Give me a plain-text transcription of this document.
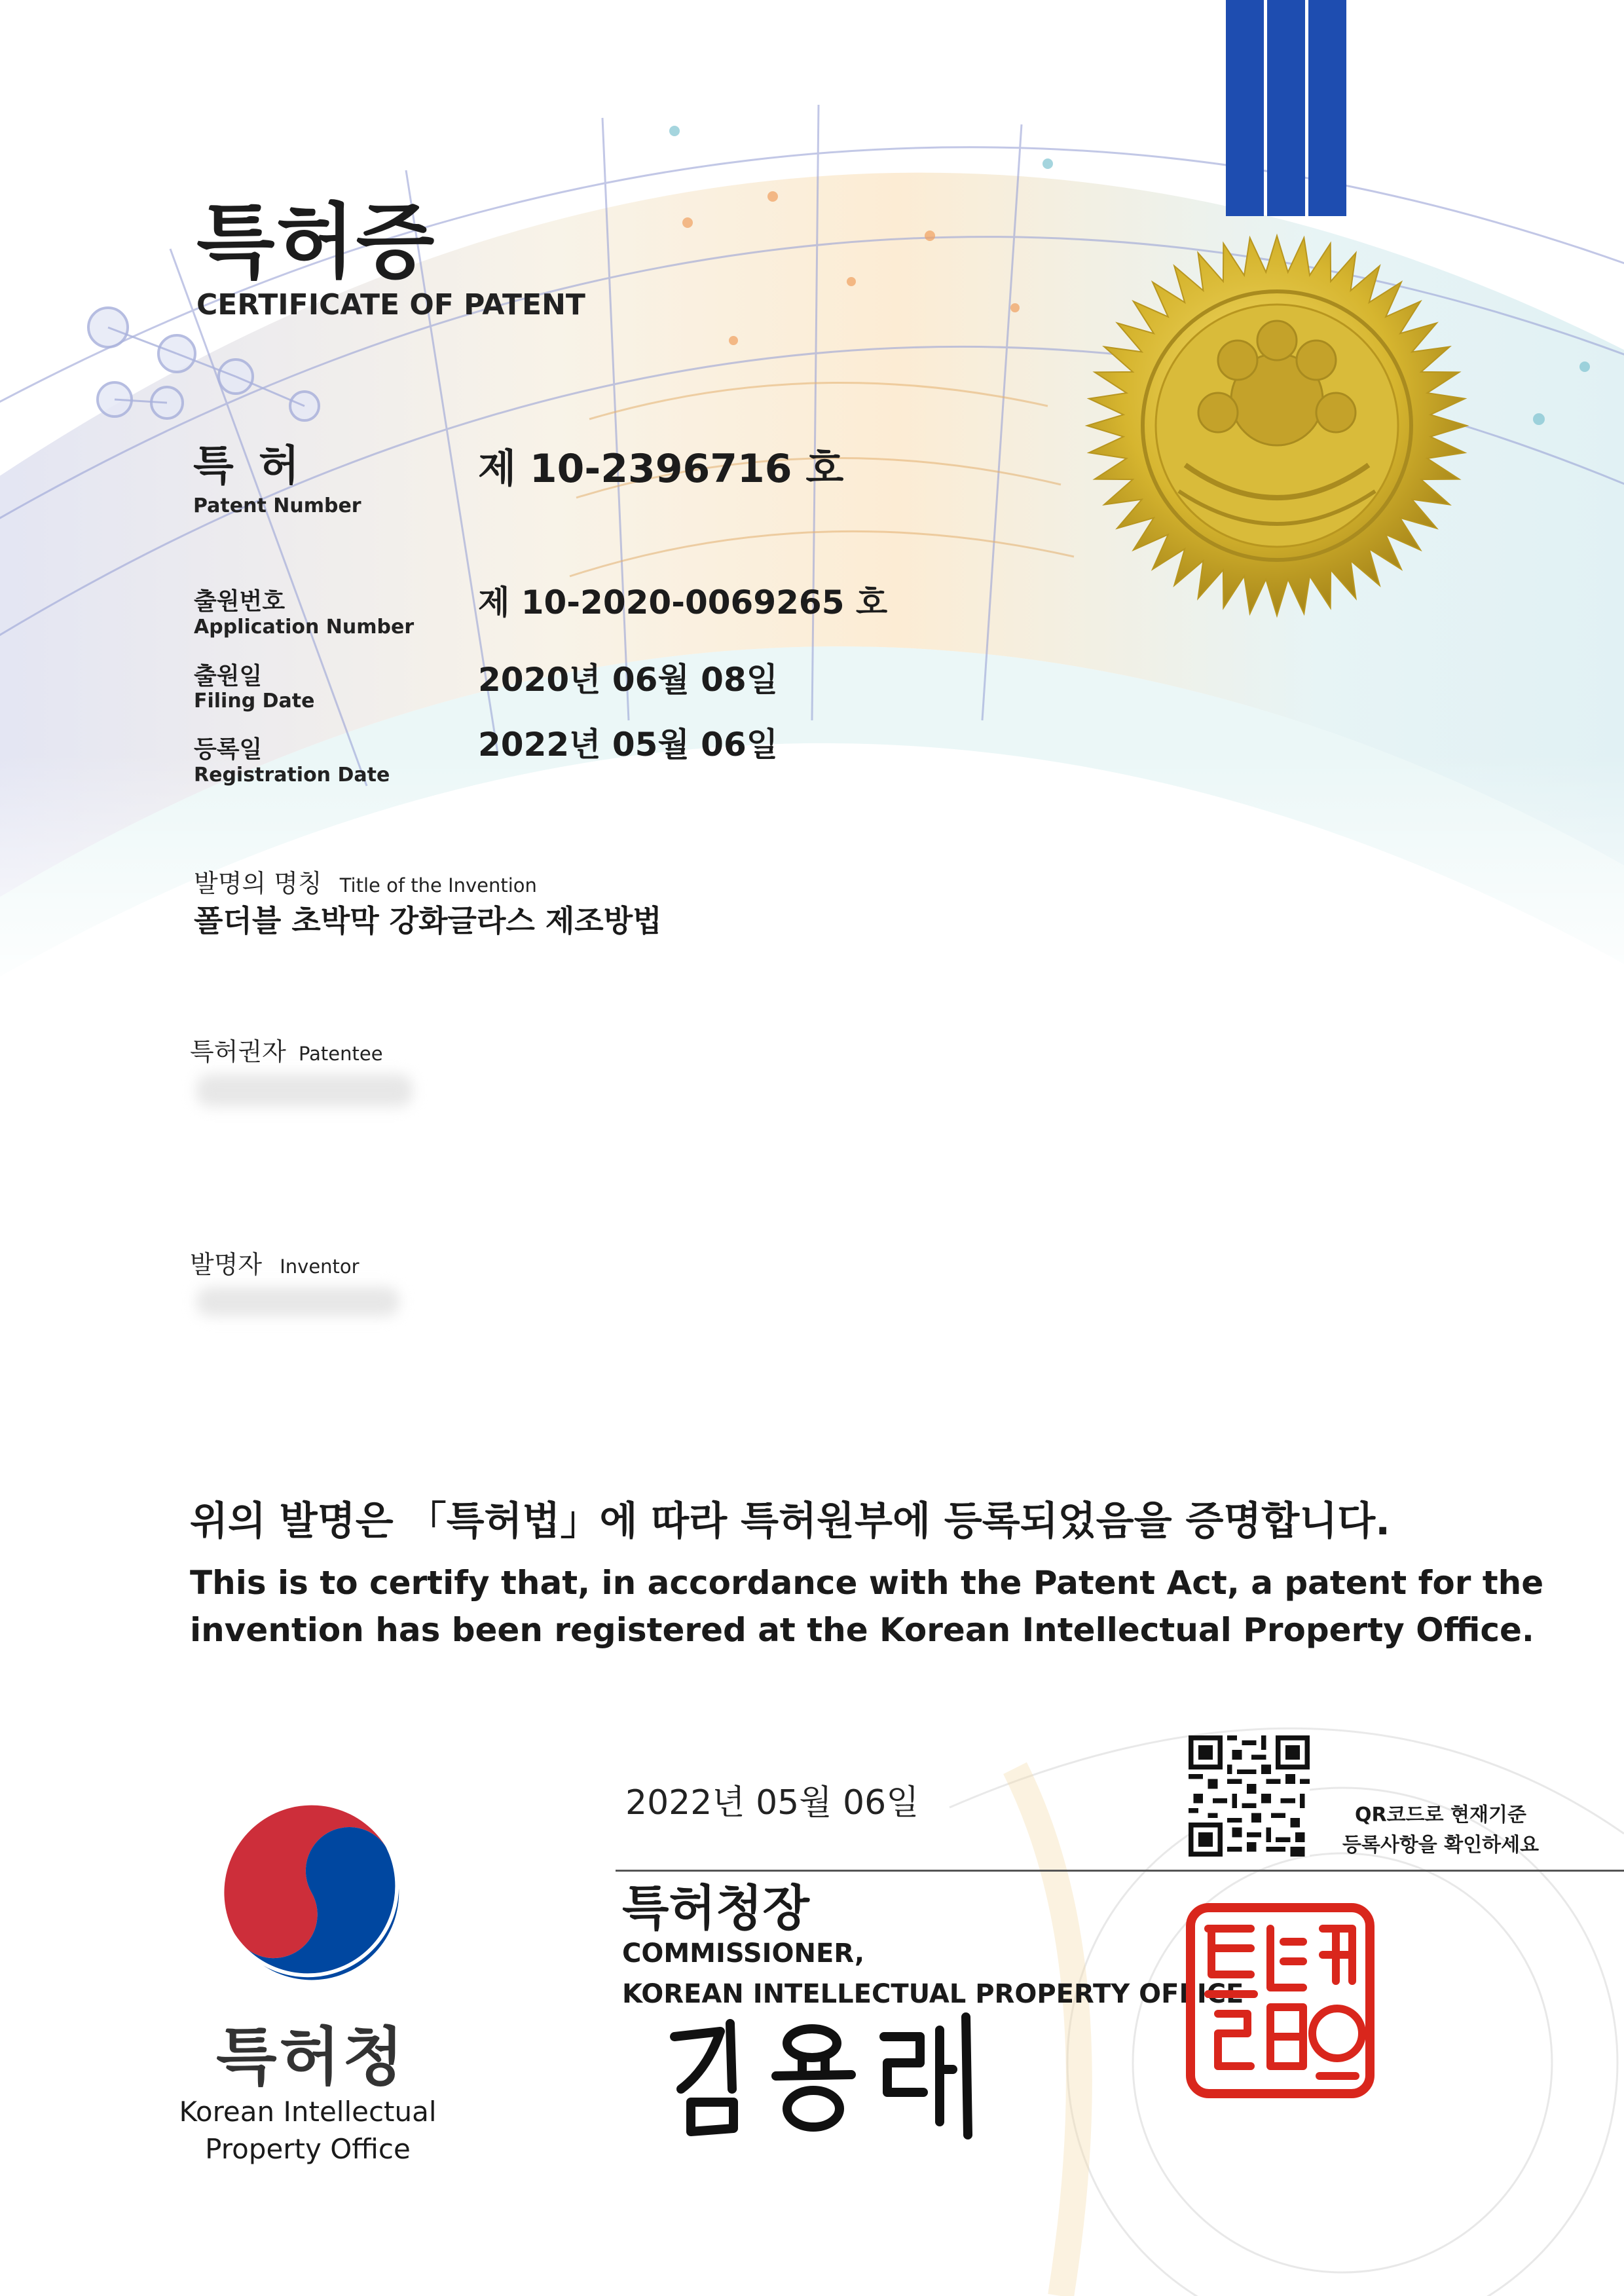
특허증
CERTIFICATE OF PATENT
특 허
Patent Number
제 10-2396716 호
출원번호
Application Number
제 10-2020-0069265 호
출원일
Filing Date
2020년 06월 08일
등록일
Registration Date
2022년 05월 06일
발명의 명칭 Title of the Invention
폴더블 초박막 강화글라스 제조방법
특허권자 Patentee
발명자 Inventor
위의 발명은 「특허법」에 따라 특허원부에 등록되었음을 증명합니다.
This is to certify that, in accordance with the Patent Act, a patent for the
invention has been registered at the Korean Intellectual Property Office.
2022년 05월 06일
특허청장
COMMISSIONER,
KOREAN INTELLECTUAL PROPERTY OFFICE
특허청
Korean Intellectual
Property Office
QR코드로 현재기준
등록사항을 확인하세요
